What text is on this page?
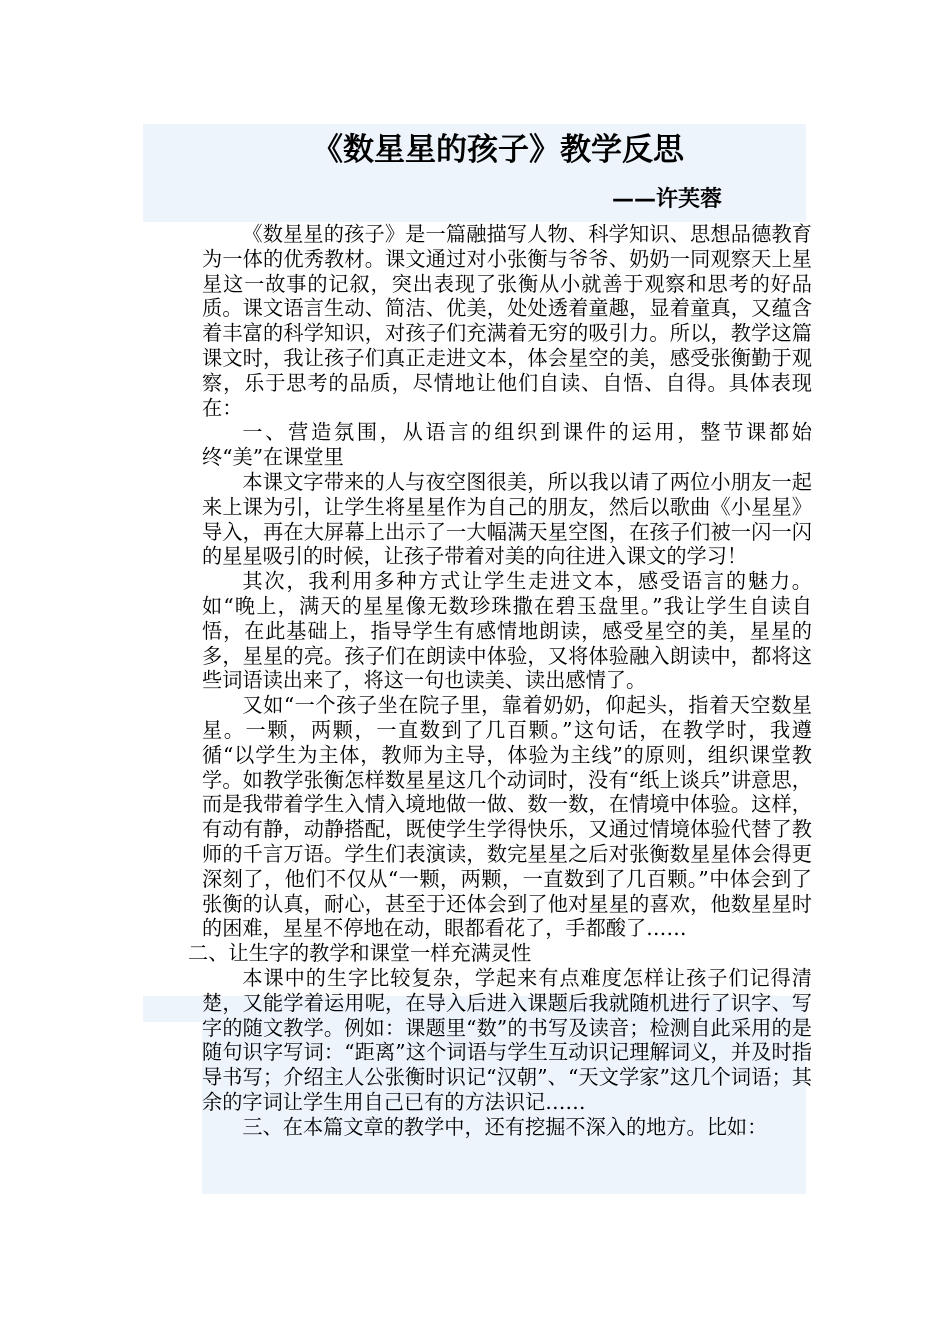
《数星星的孩子》教学反思
——许芙蓉

《数星星的孩子》是一篇融描写人物、科学知识、思想品德教育为一体的优秀教材。课文通过对小张衡与爷爷、奶奶一同观察天上星星这一故事的记叙，突出表现了张衡从小就善于观察和思考的好品质。课文语言生动、简洁、优美，处处透着童趣，显着童真，又蕴含着丰富的科学知识，对孩子们充满着无穷的吸引力。所以，教学这篇课文时，我让孩子们真正走进文本，体会星空的美，感受张衡勤于观察，乐于思考的品质，尽情地让他们自读、自悟、自得。具体表现在：

一、营造氛围，从语言的组织到课件的运用，整节课都始终“美”在课堂里

本课文字带来的人与夜空图很美，所以我以请了两位小朋友一起来上课为引，让学生将星星作为自己的朋友，然后以歌曲《小星星》导入，再在大屏幕上出示了一大幅满天星空图，在孩子们被一闪一闪的星星吸引的时候，让孩子带着对美的向往进入课文的学习！

其次，我利用多种方式让学生走进文本，感受语言的魅力。如“晚上，满天的星星像无数珍珠撒在碧玉盘里。”我让学生自读自悟，在此基础上，指导学生有感情地朗读，感受星空的美，星星的多，星星的亮。孩子们在朗读中体验，又将体验融入朗读中，都将这些词语读出来了，将这一句也读美、读出感情了。

又如“一个孩子坐在院子里，靠着奶奶，仰起头，指着天空数星星。一颗，两颗，一直数到了几百颗。”这句话，在教学时，我遵循“以学生为主体，教师为主导，体验为主线”的原则，组织课堂教学。如教学张衡怎样数星星这几个动词时，没有“纸上谈兵”讲意思，而是我带着学生入情入境地做一做、数一数，在情境中体验。这样，有动有静，动静搭配，既使学生学得快乐，又通过情境体验代替了教师的千言万语。学生们表演读，数完星星之后对张衡数星星体会得更深刻了，他们不仅从“一颗，两颗，一直数到了几百颗。”中体会到了张衡的认真，耐心，甚至于还体会到了他对星星的喜欢，他数星星时的困难，星星不停地在动，眼都看花了，手都酸了……

二、让生字的教学和课堂一样充满灵性

本课中的生字比较复杂，学起来有点难度怎样让孩子们记得清楚，又能学着运用呢，在导入后进入课题后我就随机进行了识字、写字的随文教学。例如：课题里“数”的书写及读音；检测自此采用的是随句识字写词：“距离”这个词语与学生互动识记理解词义，并及时指导书写；介绍主人公张衡时识记“汉朝”、“天文学家”这几个词语；其余的字词让学生用自己已有的方法识记……

三、在本篇文章的教学中，还有挖掘不深入的地方。比如：
